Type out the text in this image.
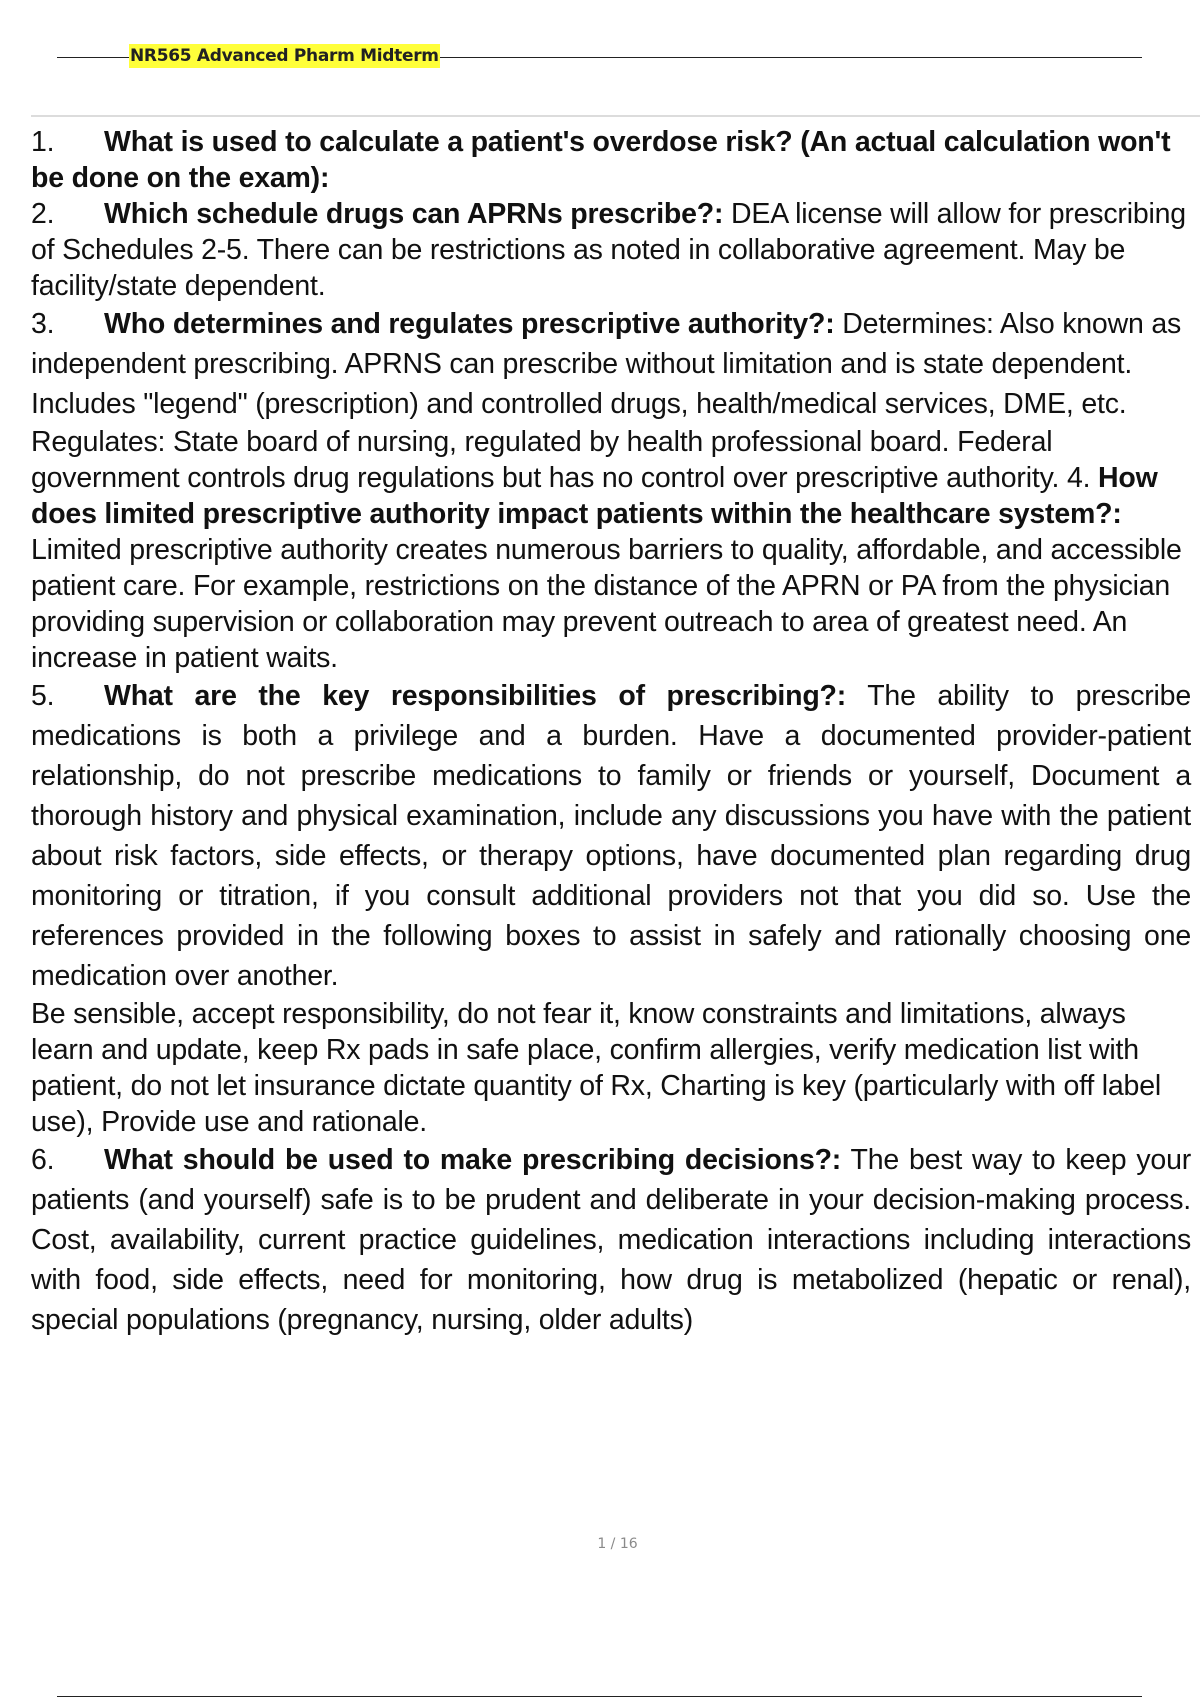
NR565 Advanced Pharm Midterm

1. What is used to calculate a patient's overdose risk? (An actual calculation won't be done on the exam):

2. Which schedule drugs can APRNs prescribe?: DEA license will allow for prescribing of Schedules 2-5. There can be restrictions as noted in collaborative agreement. May be facility/state dependent.

3. Who determines and regulates prescriptive authority?: Determines: Also known as independent prescribing. APRNS can prescribe without limitation and is state dependent. Includes "legend" (prescription) and controlled drugs, health/medical services, DME, etc.

Regulates: State board of nursing, regulated by health professional board. Federal government controls drug regulations but has no control over prescriptive authority. 4. How does limited prescriptive authority impact patients within the healthcare system?: Limited prescriptive authority creates numerous barriers to quality, affordable, and accessible patient care. For example, restrictions on the distance of the APRN or PA from the physician providing supervision or collaboration may prevent outreach to area of greatest need. An increase in patient waits.

5. What are the key responsibilities of prescribing?: The ability to prescribe medications is both a privilege and a burden. Have a documented provider-patient relationship, do not prescribe medications to family or friends or yourself, Document a thorough history and physical examination, include any discussions you have with the patient about risk factors, side effects, or therapy options, have documented plan regarding drug monitoring or titration, if you consult additional providers not that you did so. Use the references provided in the following boxes to assist in safely and rationally choosing one medication over another.

Be sensible, accept responsibility, do not fear it, know constraints and limitations, always learn and update, keep Rx pads in safe place, confirm allergies, verify medication list with patient, do not let insurance dictate quantity of Rx, Charting is key (particularly with off label use), Provide use and rationale.

6. What should be used to make prescribing decisions?: The best way to keep your patients (and yourself) safe is to be prudent and deliberate in your decision-making process. Cost, availability, current practice guidelines, medication interactions including interactions with food, side effects, need for monitoring, how drug is metabolized (hepatic or renal), special populations (pregnancy, nursing, older adults)

1 / 16
